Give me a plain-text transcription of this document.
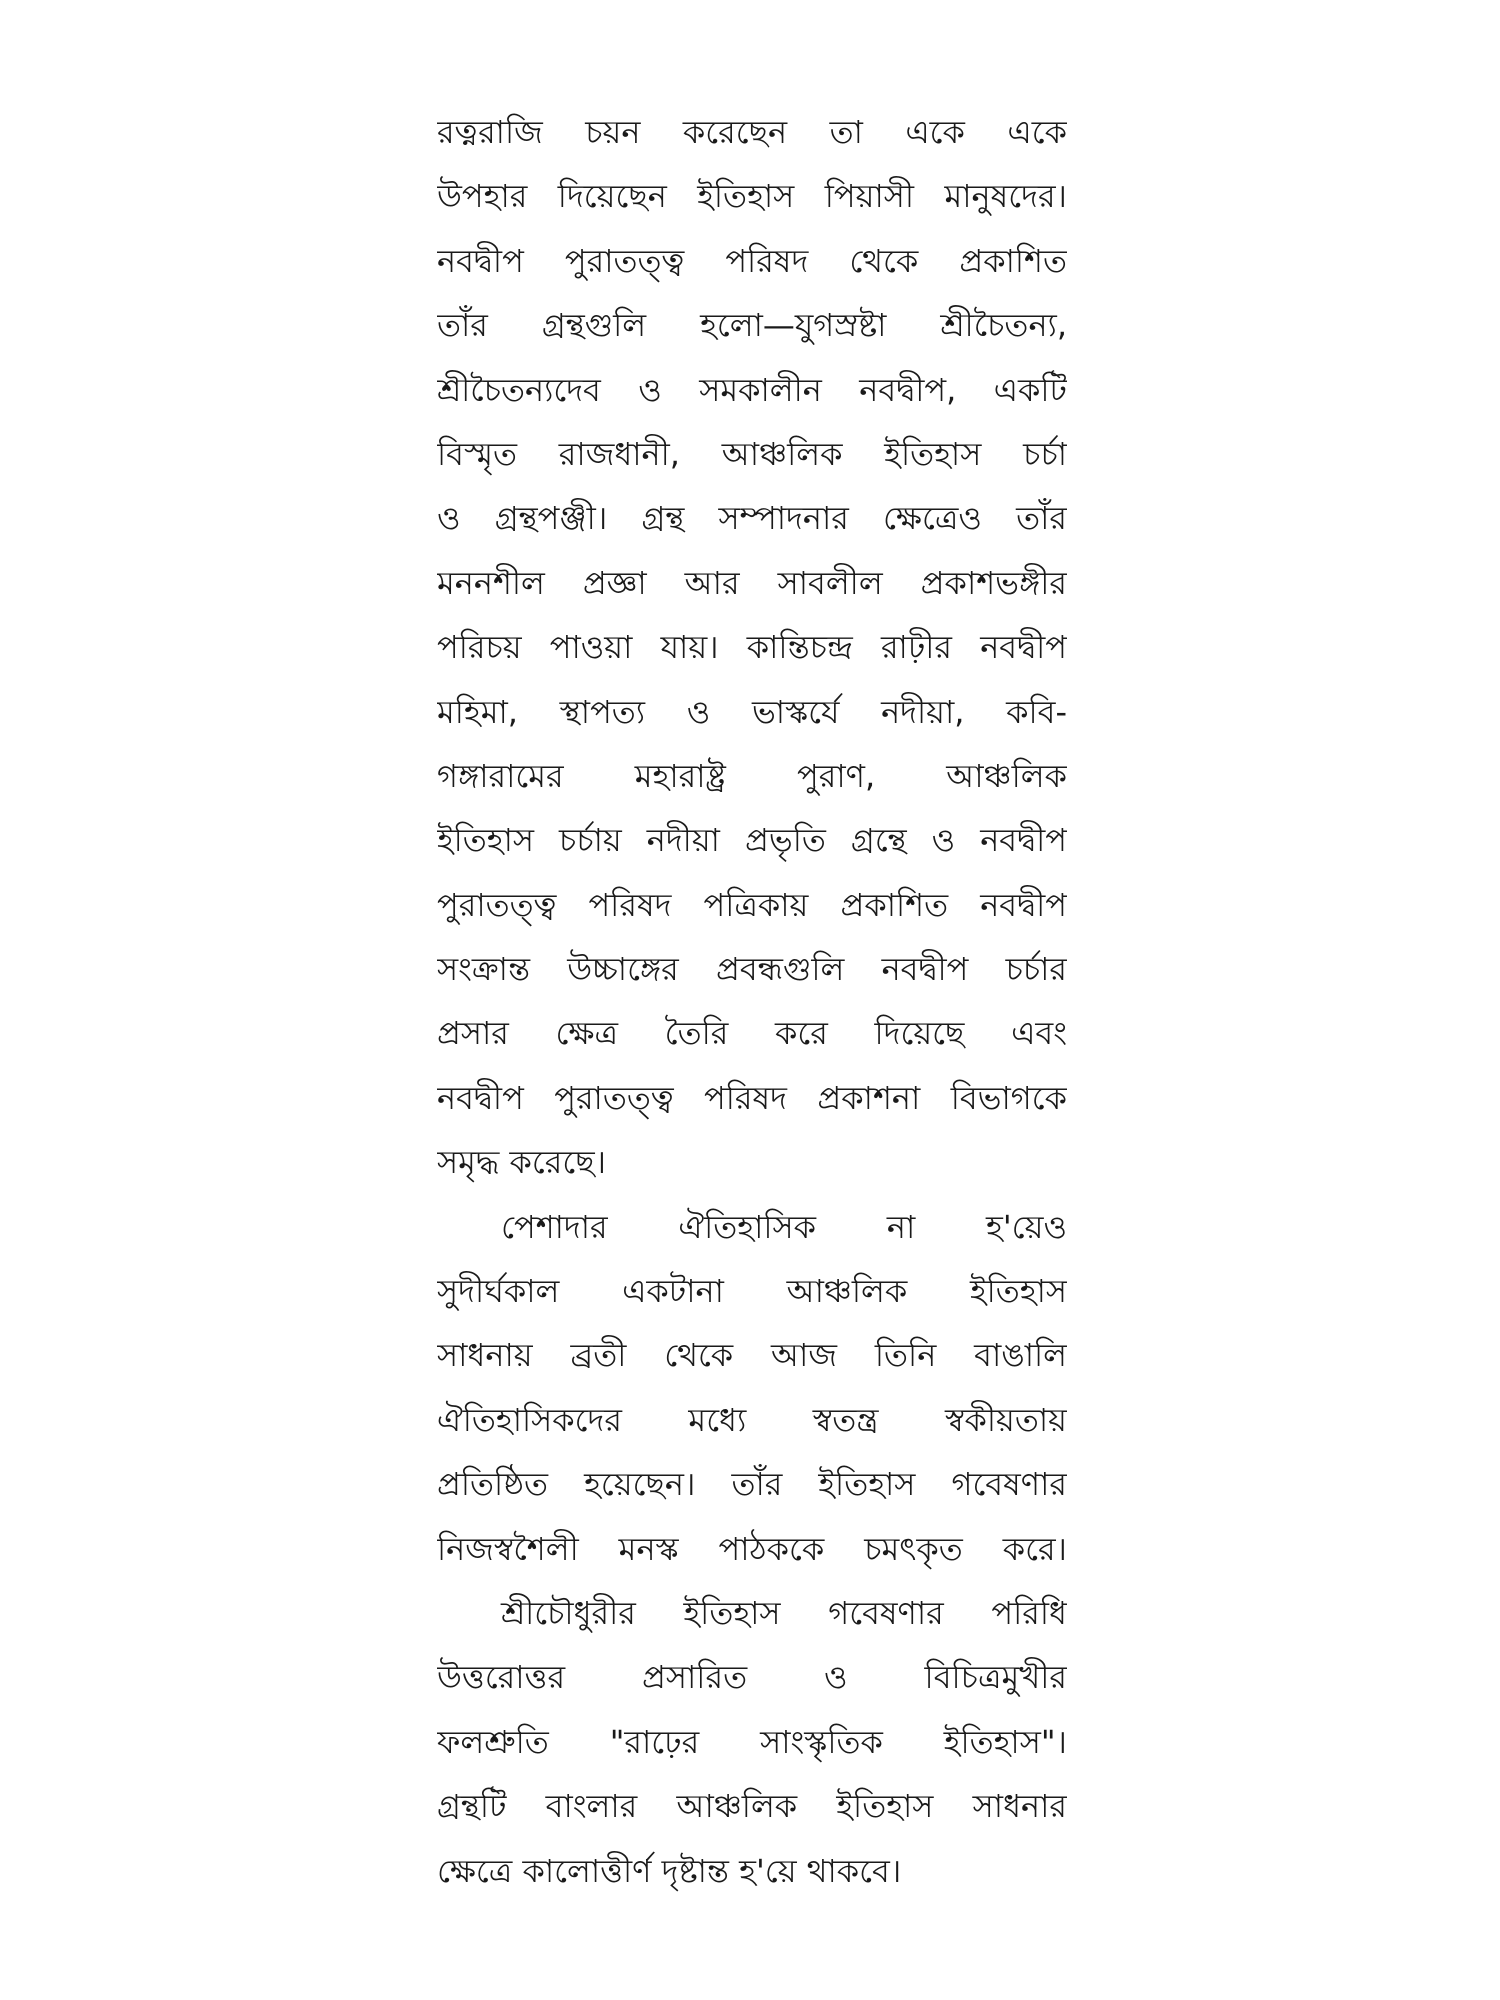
রত্নরাজি চয়ন করেছেন তা একে একে
উপহার দিয়েছেন ইতিহাস পিয়াসী মানুষদের।
নবদ্বীপ পুরাতত্ত্ব পরিষদ থেকে প্রকাশিত
তাঁর গ্রন্থগুলি হলো—যুগস্রষ্টা শ্রীচৈতন্য,
শ্রীচৈতন্যদেব ও সমকালীন নবদ্বীপ, একটি
বিস্মৃত রাজধানী, আঞ্চলিক ইতিহাস চর্চা
ও গ্রন্থপঞ্জী। গ্রন্থ সম্পাদনার ক্ষেত্রেও তাঁর
মননশীল প্রজ্ঞা আর সাবলীল প্রকাশভঙ্গীর
পরিচয় পাওয়া যায়। কান্তিচন্দ্র রাঢ়ীর নবদ্বীপ
মহিমা, স্থাপত্য ও ভাস্কর্যে নদীয়া, কবি-
গঙ্গারামের মহারাষ্ট্র পুরাণ, আঞ্চলিক
ইতিহাস চর্চায় নদীয়া প্রভৃতি গ্রন্থে ও নবদ্বীপ
পুরাতত্ত্ব পরিষদ পত্রিকায় প্রকাশিত নবদ্বীপ
সংক্রান্ত উচ্চাঙ্গের প্রবন্ধগুলি নবদ্বীপ চর্চার
প্রসার ক্ষেত্র তৈরি করে দিয়েছে এবং
নবদ্বীপ পুরাতত্ত্ব পরিষদ প্রকাশনা বিভাগকে
সমৃদ্ধ করেছে।
পেশাদার ঐতিহাসিক না হ'য়েও
সুদীর্ঘকাল একটানা আঞ্চলিক ইতিহাস
সাধনায় ব্রতী থেকে আজ তিনি বাঙালি
ঐতিহাসিকদের মধ্যে স্বতন্ত্র স্বকীয়তায়
প্রতিষ্ঠিত হয়েছেন। তাঁর ইতিহাস গবেষণার
নিজস্বশৈলী মনস্ক পাঠককে চমৎকৃত করে।
শ্রীচৌধুরীর ইতিহাস গবেষণার পরিধি
উত্তরোত্তর প্রসারিত ও বিচিত্রমুখীর
ফলশ্রুতি "রাঢ়ের সাংস্কৃতিক ইতিহাস"।
গ্রন্থটি বাংলার আঞ্চলিক ইতিহাস সাধনার
ক্ষেত্রে কালোত্তীর্ণ দৃষ্টান্ত হ'য়ে থাকবে।
